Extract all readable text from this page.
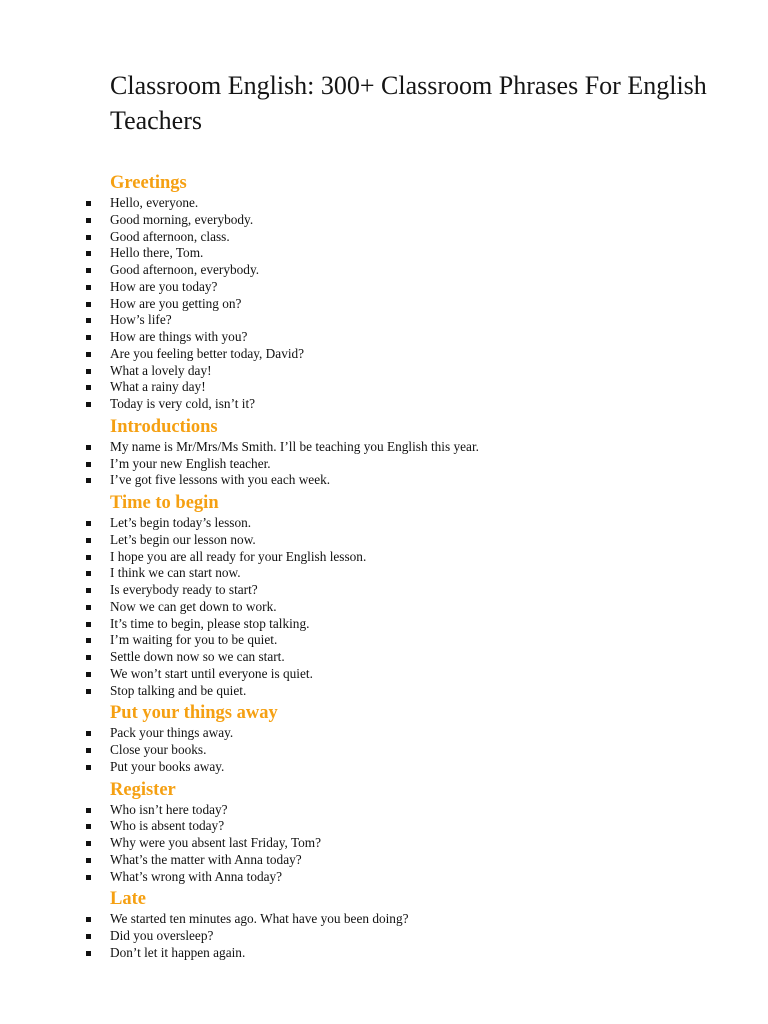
Classroom English: 300+ Classroom Phrases For English Teachers
Greetings
Hello, everyone.
Good morning, everybody.
Good afternoon, class.
Hello there, Tom.
Good afternoon, everybody.
How are you today?
How are you getting on?
How’s life?
How are things with you?
Are you feeling better today, David?
What a lovely day!
What a rainy day!
Today is very cold, isn’t it?
Introductions
My name is Mr/Mrs/Ms Smith. I’ll be teaching you English this year.
I’m your new English teacher.
I’ve got five lessons with you each week.
Time to begin
Let’s begin today’s lesson.
Let’s begin our lesson now.
I hope you are all ready for your English lesson.
I think we can start now.
Is everybody ready to start?
Now we can get down to work.
It’s time to begin, please stop talking.
I’m waiting for you to be quiet.
Settle down now so we can start.
We won’t start until everyone is quiet.
Stop talking and be quiet.
Put your things away
Pack your things away.
Close your books.
Put your books away.
Register
Who isn’t here today?
Who is absent today?
Why were you absent last Friday, Tom?
What’s the matter with Anna today?
What’s wrong with Anna today?
Late
We started ten minutes ago. What have you been doing?
Did you oversleep?
Don’t let it happen again.
